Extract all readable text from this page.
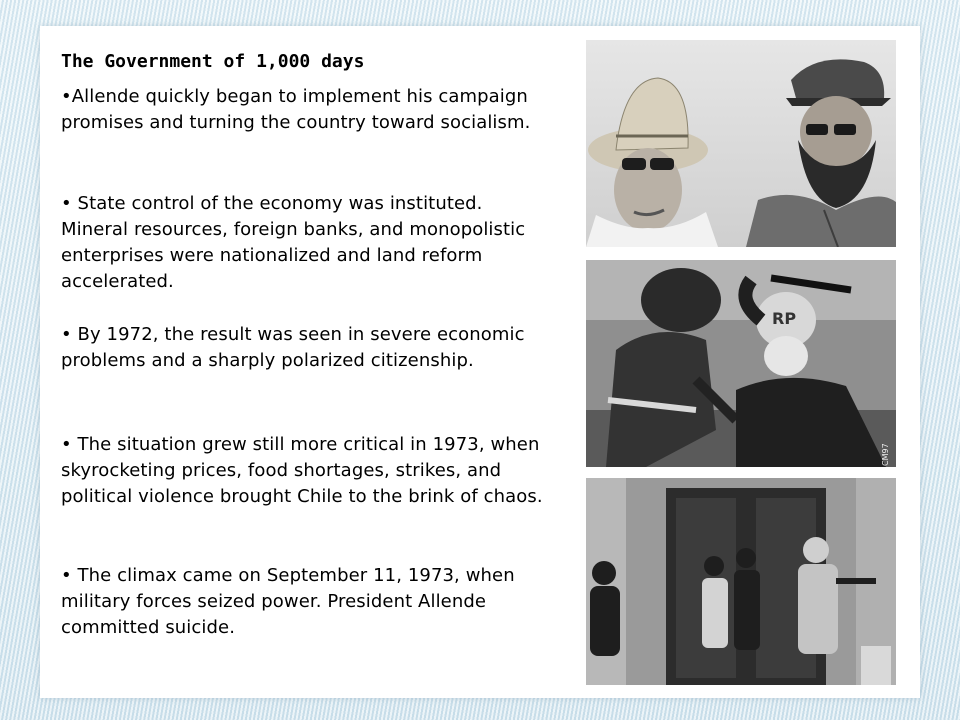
The Government of 1,000 days
•Allende quickly began to implement his campaign promises and turning the country toward socialism.
• State control of the economy was instituted. Mineral resources, foreign banks, and monopolistic enterprises were nationalized and land reform accelerated.
• By 1972, the result was seen in severe economic problems and a sharply polarized citizenship.
• The situation grew still more critical in 1973, when skyrocketing prices, food shortages, strikes, and political violence brought Chile to the brink of chaos.
• The climax came on September 11, 1973, when military forces seized power. President Allende committed suicide.
RP
CM97
